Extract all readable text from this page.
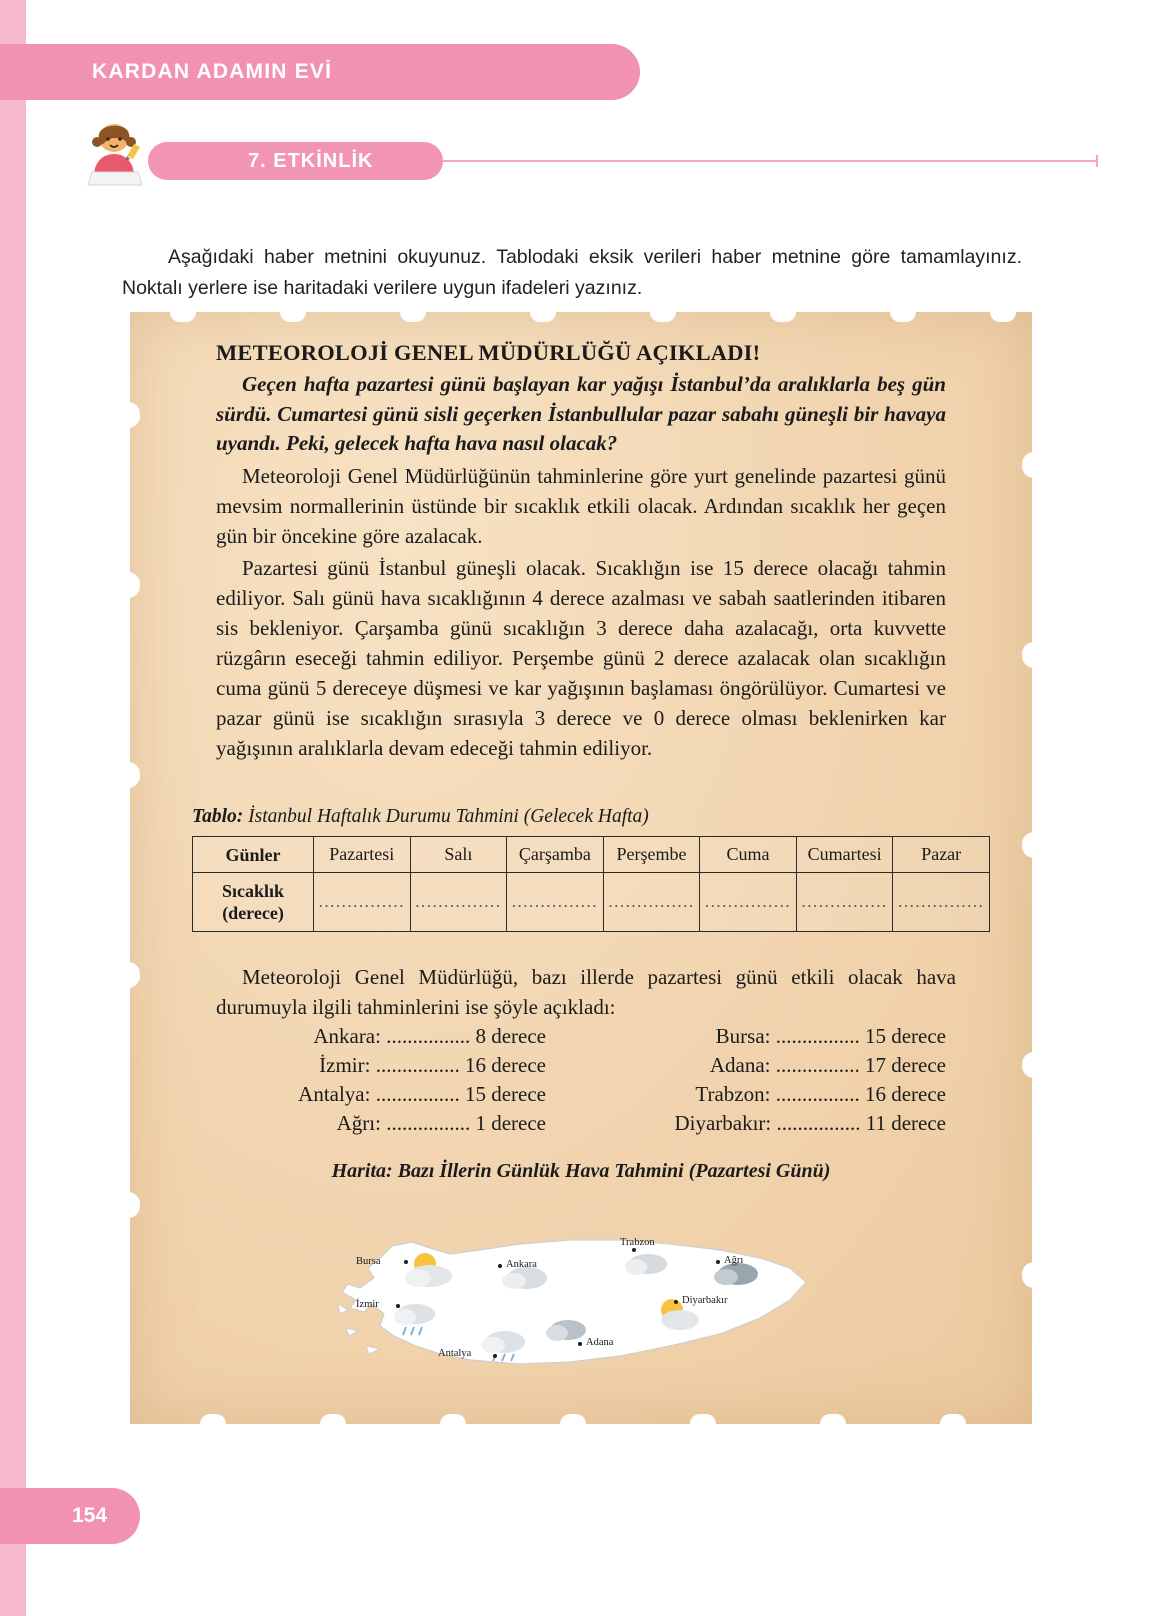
KARDAN ADAMIN EVİ
7. ETKİNLİK

Aşağıdaki haber metnini okuyunuz. Tablodaki eksik verileri haber metnine göre tamamlayınız. Noktalı yerlere ise haritadaki verilere uygun ifadeleri yazınız.

METEOROLOJİ GENEL MÜDÜRLÜĞÜ AÇIKLADI!
Geçen hafta pazartesi günü başlayan kar yağışı İstanbul’da aralıklarla beş gün sürdü. Cumartesi günü sisli geçerken İstanbullular pazar sabahı güneşli bir havaya uyandı. Peki, gelecek hafta hava nasıl olacak?
Meteoroloji Genel Müdürlüğünün tahminlerine göre yurt genelinde pazartesi günü mevsim normallerinin üstünde bir sıcaklık etkili olacak. Ardından sıcaklık her geçen gün bir öncekine göre azalacak.
Pazartesi günü İstanbul güneşli olacak. Sıcaklığın ise 15 derece olacağı tahmin ediliyor. Salı günü hava sıcaklığının 4 derece azalması ve sabah saatlerinden itibaren sis bekleniyor. Çarşamba günü sıcaklığın 3 derece daha azalacağı, orta kuvvette rüzgârın eseceği tahmin ediliyor. Perşembe günü 2 derece azalacak olan sıcaklığın cuma günü 5 dereceye düşmesi ve kar yağışının başlaması öngörülüyor. Cumartesi ve pazar günü ise sıcaklığın sırasıyla 3 derece ve 0 derece olması beklenirken kar yağışının aralıklarla devam edeceği tahmin ediliyor.
Tablo: İstanbul Haftalık Durumu Tahmini (Gelecek Hafta)
Günler	Pazartesi	Salı	Çarşamba	Perşembe	Cuma	Cumartesi	Pazar
Sıcaklık (derece)	...............	...............	...............	...............	...............	...............	...............
Meteoroloji Genel Müdürlüğü, bazı illerde pazartesi günü etkili olacak hava durumuyla ilgili tahminlerini ise şöyle açıkladı:
Ankara: ................ 8 derece	Bursa: ................ 15 derece
İzmir: ................ 16 derece	Adana: ................ 17 derece
Antalya: ................ 15 derece	Trabzon: ................ 16 derece
Ağrı: ................ 1 derece	Diyarbakır: ................ 11 derece
Harita: Bazı İllerin Günlük Hava Tahmini (Pazartesi Günü)
Bursa	Ankara
Trabzon
Ağrı
İzmir	Diyarbakır
Antalya
Adana
154
